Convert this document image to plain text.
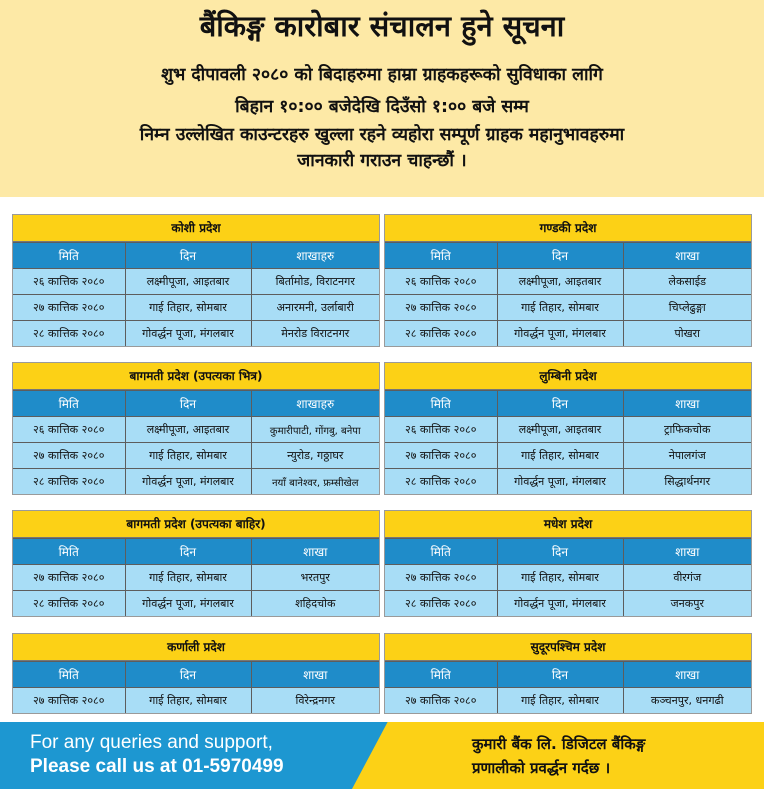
बैंकिङ्ग कारोबार संचालन हुने सूचना
शुभ दीपावली २०८० को बिदाहरुमा हाम्रा ग्राहकहरूको सुविधाका लागि
बिहान १०:०० बजेदेखि दिउँसो १:०० बजे सम्म
निम्न उल्लेखित काउन्टरहरु खुल्ला रहने व्यहोरा सम्पूर्ण ग्राहक महानुभावहरुमा
जानकारी गराउन चाहन्छौं ।
कोशी प्रदेश
मिति	दिन	शाखाहरु
२६ कात्तिक २०८०	लक्ष्मीपूजा, आइतबार	बिर्तामोड, विराटनगर
२७ कात्तिक २०८०	गाई तिहार, सोमबार	अनारमनी, उर्लाबारी
२८ कात्तिक २०८०	गोवर्द्धन पूजा, मंगलबार	मेनरोड विराटनगर
गण्डकी प्रदेश
मिति	दिन	शाखा
२६ कात्तिक २०८०	लक्ष्मीपूजा, आइतबार	लेकसाईड
२७ कात्तिक २०८०	गाई तिहार, सोमबार	चिप्लेढुङ्गा
२८ कात्तिक २०८०	गोवर्द्धन पूजा, मंगलबार	पोखरा
बागमती प्रदेश (उपत्यका भित्र)
मिति	दिन	शाखाहरु
२६ कात्तिक २०८०	लक्ष्मीपूजा, आइतबार	कुमारीपाटी, गोंगबु, बनेपा
२७ कात्तिक २०८०	गाई तिहार, सोमबार	न्युरोड, गठ्ठाघर
२८ कात्तिक २०८०	गोवर्द्धन पूजा, मंगलबार	नयाँ बानेश्वर, फ्रम्सीखेल
लुम्बिनी प्रदेश
मिति	दिन	शाखा
२६ कात्तिक २०८०	लक्ष्मीपूजा, आइतबार	ट्राफिकचोक
२७ कात्तिक २०८०	गाई तिहार, सोमबार	नेपालगंज
२८ कात्तिक २०८०	गोवर्द्धन पूजा, मंगलबार	सिद्धार्थनगर
बागमती प्रदेश (उपत्यका बाहिर)
मिति	दिन	शाखा
२७ कात्तिक २०८०	गाई तिहार, सोमबार	भरतपुर
२८ कात्तिक २०८०	गोवर्द्धन पूजा, मंगलबार	शहिदचोक
मधेश प्रदेश
मिति	दिन	शाखा
२७ कात्तिक २०८०	गाई तिहार, सोमबार	वीरगंज
२८ कात्तिक २०८०	गोवर्द्धन पूजा, मंगलबार	जनकपुर
कर्णाली प्रदेश
मिति	दिन	शाखा
२७ कात्तिक २०८०	गाई तिहार, सोमबार	विरेन्द्रनगर
सुदूरपश्चिम प्रदेश
मिति	दिन	शाखा
२७ कात्तिक २०८०	गाई तिहार, सोमबार	कञ्चनपुर, धनगढी
For any queries and support,
Please call us at 01-5970499
कुमारी बैंक लि. डिजिटल बैंकिङ्ग
प्रणालीको प्रवर्द्धन गर्दछ ।
